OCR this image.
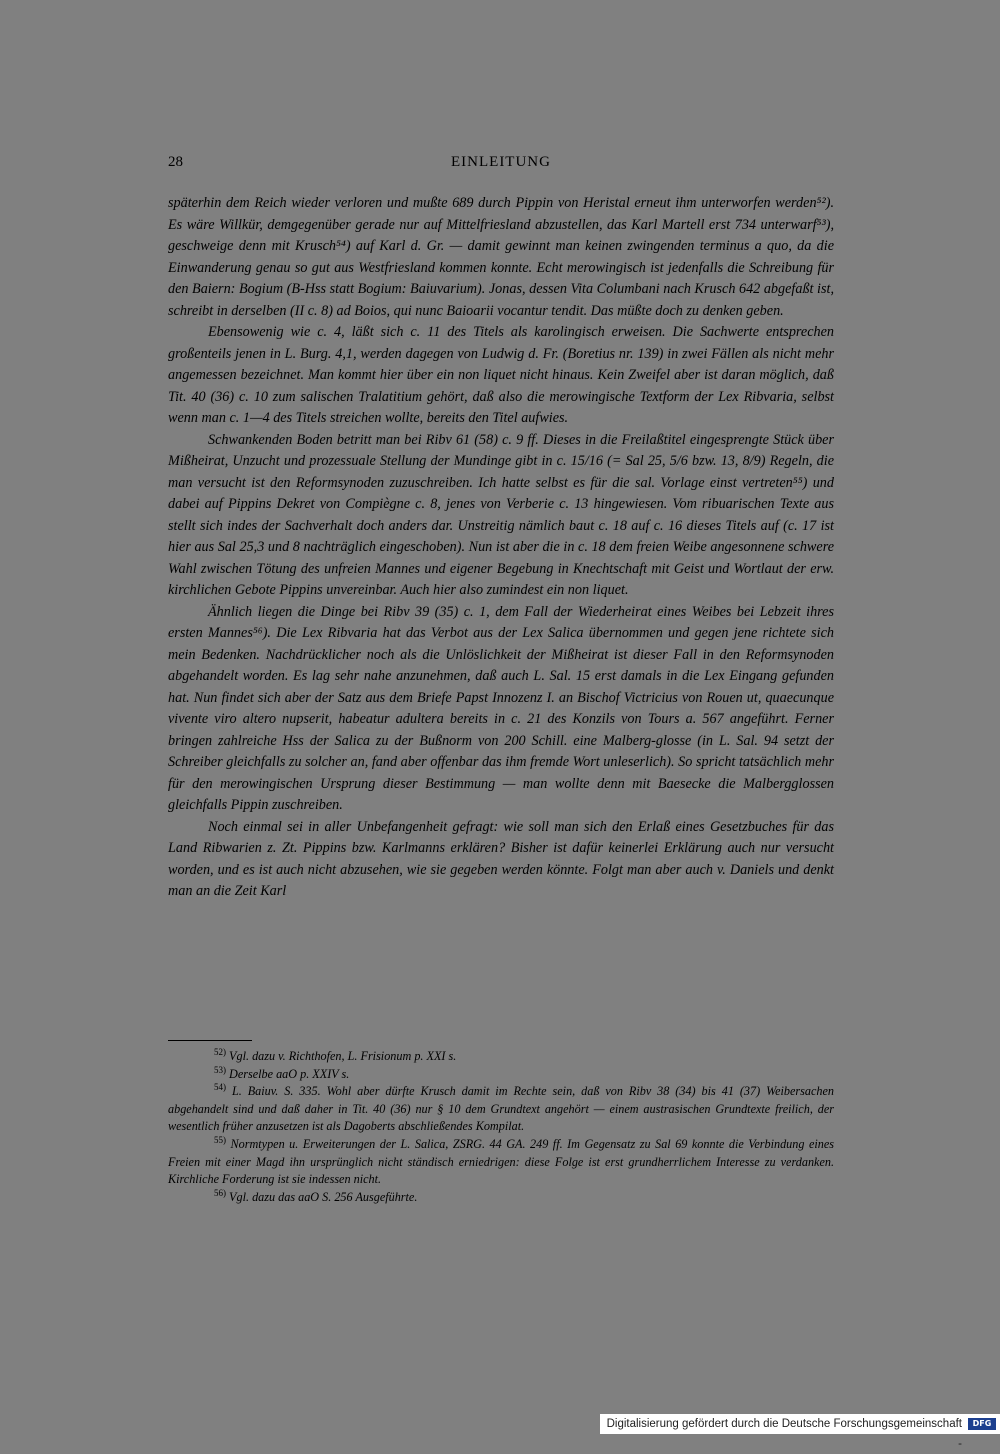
28	EINLEITUNG

späterhin dem Reich wieder verloren und mußte 689 durch Pippin von Heristal erneut ihm unterworfen werden⁵²). Es wäre Willkür, demgegenüber gerade nur auf Mittelfriesland abzustellen, das Karl Martell erst 734 unterwarf⁵³), geschweige denn mit Krusch⁵⁴) auf Karl d. Gr. — damit gewinnt man keinen zwingenden terminus a quo, da die Einwanderung genau so gut aus Westfriesland kommen konnte. Echt merowingisch ist jedenfalls die Schreibung für den Baiern: Bogium (B-Hss statt Bogium: Baiuvarium). Jonas, dessen Vita Columbani nach Krusch 642 abgefaßt ist, schreibt in derselben (II c. 8) ad Boios, qui nunc Baioarii vocantur tendit. Das müßte doch zu denken geben.

Ebensowenig wie c. 4, läßt sich c. 11 des Titels als karolingisch erweisen. Die Sachwerte entsprechen großenteils jenen in L. Burg. 4,1, werden dagegen von Ludwig d. Fr. (Boretius nr. 139) in zwei Fällen als nicht mehr angemessen bezeichnet. Man kommt hier über ein non liquet nicht hinaus. Kein Zweifel aber ist daran möglich, daß Tit. 40 (36) c. 10 zum salischen Tralatitium gehört, daß also die merowingische Textform der Lex Ribvaria, selbst wenn man c. 1—4 des Titels streichen wollte, bereits den Titel aufwies.

Schwankenden Boden betritt man bei Ribv 61 (58) c. 9 ff. Dieses in die Freilaßtitel eingesprengte Stück über Mißheirat, Unzucht und prozessuale Stellung der Mundinge gibt in c. 15/16 (= Sal 25, 5/6 bzw. 13, 8/9) Regeln, die man versucht ist den Reformsynoden zuzuschreiben. Ich hatte selbst es für die sal. Vorlage einst vertreten⁵⁵) und dabei auf Pippins Dekret von Compiègne c. 8, jenes von Verberie c. 13 hingewiesen. Vom ribuarischen Texte aus stellt sich indes der Sachverhalt doch anders dar. Unstreitig nämlich baut c. 18 auf c. 16 dieses Titels auf (c. 17 ist hier aus Sal 25,3 und 8 nachträglich eingeschoben). Nun ist aber die in c. 18 dem freien Weibe angesonnene schwere Wahl zwischen Tötung des unfreien Mannes und eigener Begebung in Knechtschaft mit Geist und Wortlaut der erw. kirchlichen Gebote Pippins unvereinbar. Auch hier also zumindest ein non liquet.

Ähnlich liegen die Dinge bei Ribv 39 (35) c. 1, dem Fall der Wiederheirat eines Weibes bei Lebzeit ihres ersten Mannes⁵⁶). Die Lex Ribvaria hat das Verbot aus der Lex Salica übernommen und gegen jene richtete sich mein Bedenken. Nachdrücklicher noch als die Unlöslichkeit der Mißheirat ist dieser Fall in den Reformsynoden abgehandelt worden. Es lag sehr nahe anzunehmen, daß auch L. Sal. 15 erst damals in die Lex Eingang gefunden hat. Nun findet sich aber der Satz aus dem Briefe Papst Innozenz I. an Bischof Victricius von Rouen ut, quaecunque vivente viro altero nupserit, habeatur adultera bereits in c. 21 des Konzils von Tours a. 567 angeführt. Ferner bringen zahlreiche Hss der Salica zu der Bußnorm von 200 Schill. eine Malberg-glosse (in L. Sal. 94 setzt der Schreiber gleichfalls zu solcher an, fand aber offenbar das ihm fremde Wort unleserlich). So spricht tatsächlich mehr für den merowingischen Ursprung dieser Bestimmung — man wollte denn mit Baesecke die Malbergglossen gleichfalls Pippin zuschreiben.

Noch einmal sei in aller Unbefangenheit gefragt: wie soll man sich den Erlaß eines Gesetzbuches für das Land Ribwarien z. Zt. Pippins bzw. Karlmanns erklären? Bisher ist dafür keinerlei Erklärung auch nur versucht worden, und es ist auch nicht abzusehen, wie sie gegeben werden könnte. Folgt man aber auch v. Daniels und denkt man an die Zeit Karl

$^{52)}$ Vgl. dazu v. Richthofen, L. Frisionum p. XXI s.

$^{53)}$ Derselbe aaO p. XXIV s.

$^{54)}$ L. Baiuv. S. 335. Wohl aber dürfte Krusch damit im Rechte sein, daß von Ribv 38 (34) bis 41 (37) Weibersachen abgehandelt sind und daß daher in Tit. 40 (36) nur § 10 dem Grundtext angehört — einem austrasischen Grundtexte freilich, der wesentlich früher anzusetzen ist als Dagoberts abschließendes Kompilat.

$^{55)}$ Normtypen u. Erweiterungen der L. Salica, ZSRG. 44 GA. 249 ff. Im Gegensatz zu Sal 69 konnte die Verbindung eines Freien mit einer Magd ihn ursprünglich nicht ständisch erniedrigen: diese Folge ist erst grundherrlichem Interesse zu verdanken. Kirchliche Forderung ist sie indessen nicht.

$^{56)}$ Vgl. dazu das aaO S. 256 Ausgeführte.

Digitalisierung gefördert durch die Deutsche Forschungsgemeinschaft -
DFG
